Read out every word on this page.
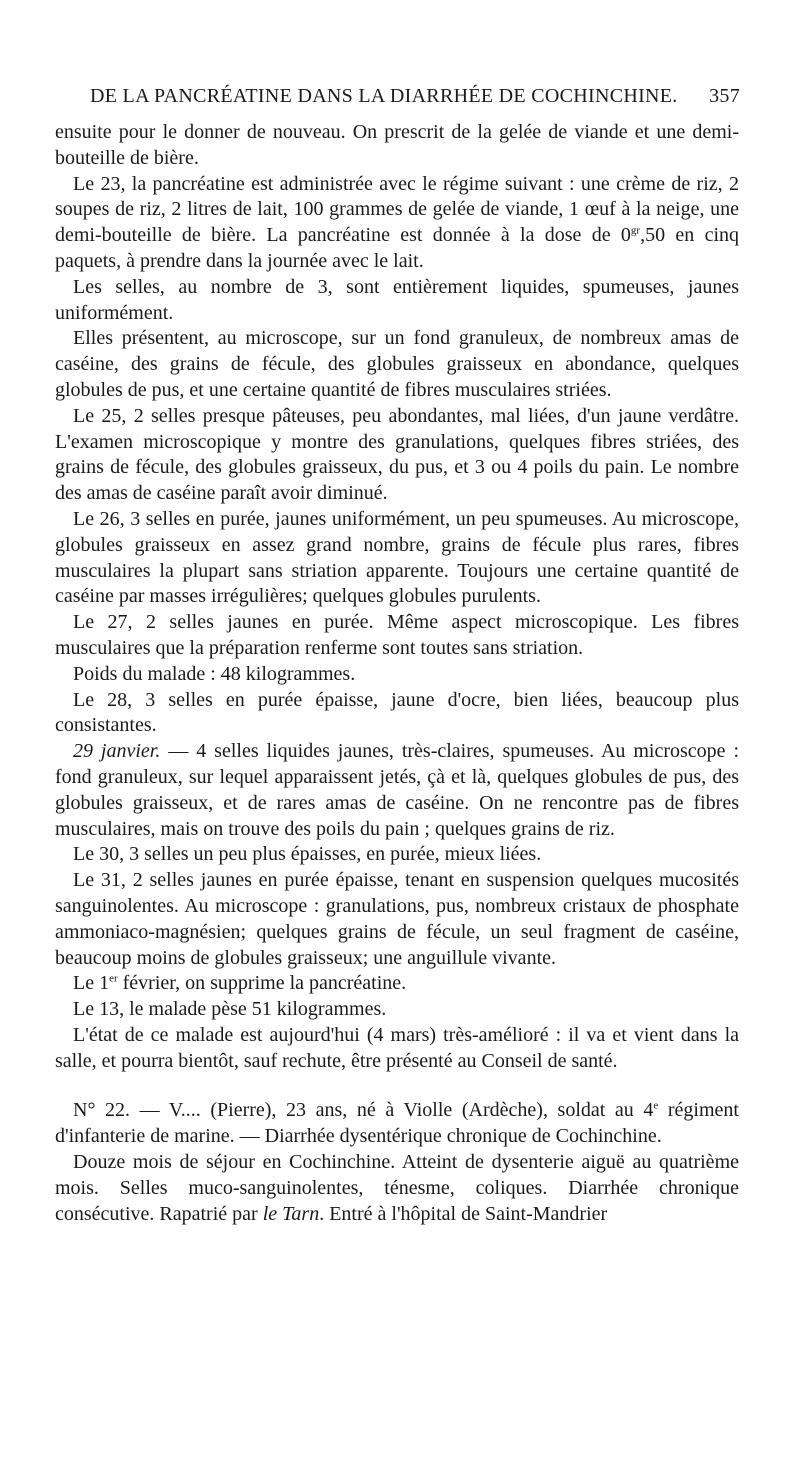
DE LA PANCRÉATINE DANS LA DIARRHÉE DE COCHINCHINE. 357

ensuite pour le donner de nouveau. On prescrit de la gelée de viande et une demi-bouteille de bière.

Le 23, la pancréatine est administrée avec le régime suivant : une crème de riz, 2 soupes de riz, 2 litres de lait, 100 grammes de gelée de viande, 1 œuf à la neige, une demi-bouteille de bière. La pancréatine est donnée à la dose de $0^{gr},50$ en cinq paquets, à prendre dans la journée avec le lait.

Les selles, au nombre de 3, sont entièrement liquides, spumeuses, jaunes uniformément.

Elles présentent, au microscope, sur un fond granuleux, de nombreux amas de caséine, des grains de fécule, des globules graisseux en abondance, quelques globules de pus, et une certaine quantité de fibres musculaires striées.

Le 25, 2 selles presque pâteuses, peu abondantes, mal liées, d'un jaune verdâtre. L'examen microscopique y montre des granulations, quelques fibres striées, des grains de fécule, des globules graisseux, du pus, et 3 ou 4 poils du pain. Le nombre des amas de caséine paraît avoir diminué.

Le 26, 3 selles en purée, jaunes uniformément, un peu spumeuses. Au microscope, globules graisseux en assez grand nombre, grains de fécule plus rares, fibres musculaires la plupart sans striation apparente. Toujours une certaine quantité de caséine par masses irrégulières; quelques globules purulents.

Le 27, 2 selles jaunes en purée. Même aspect microscopique. Les fibres musculaires que la préparation renferme sont toutes sans striation.

Poids du malade : 48 kilogrammes.

Le 28, 3 selles en purée épaisse, jaune d'ocre, bien liées, beaucoup plus consistantes.

29 janvier. — 4 selles liquides jaunes, très-claires, spumeuses. Au microscope : fond granuleux, sur lequel apparaissent jetés, çà et là, quelques globules de pus, des globules graisseux, et de rares amas de caséine. On ne rencontre pas de fibres musculaires, mais on trouve des poils du pain ; quelques grains de riz.

Le 30, 3 selles un peu plus épaisses, en purée, mieux liées.

Le 31, 2 selles jaunes en purée épaisse, tenant en suspension quelques mucosités sanguinolentes. Au microscope : granulations, pus, nombreux cristaux de phosphate ammoniaco-magnésien; quelques grains de fécule, un seul fragment de caséine, beaucoup moins de globules graisseux; une anguillule vivante.

Le 1er février, on supprime la pancréatine.

Le 13, le malade pèse 51 kilogrammes.

L'état de ce malade est aujourd'hui (4 mars) très-amélioré : il va et vient dans la salle, et pourra bientôt, sauf rechute, être présenté au Conseil de santé.

N° 22. — V.... (Pierre), 23 ans, né à Violle (Ardèche), soldat au 4e régiment d'infanterie de marine. — Diarrhée dysentérique chronique de Cochinchine.

Douze mois de séjour en Cochinchine. Atteint de dysenterie aiguë au quatrième mois. Selles muco-sanguinolentes, ténesme, coliques. Diarrhée chronique consécutive. Rapatrié par le Tarn. Entré à l'hôpital de Saint-Mandrier
